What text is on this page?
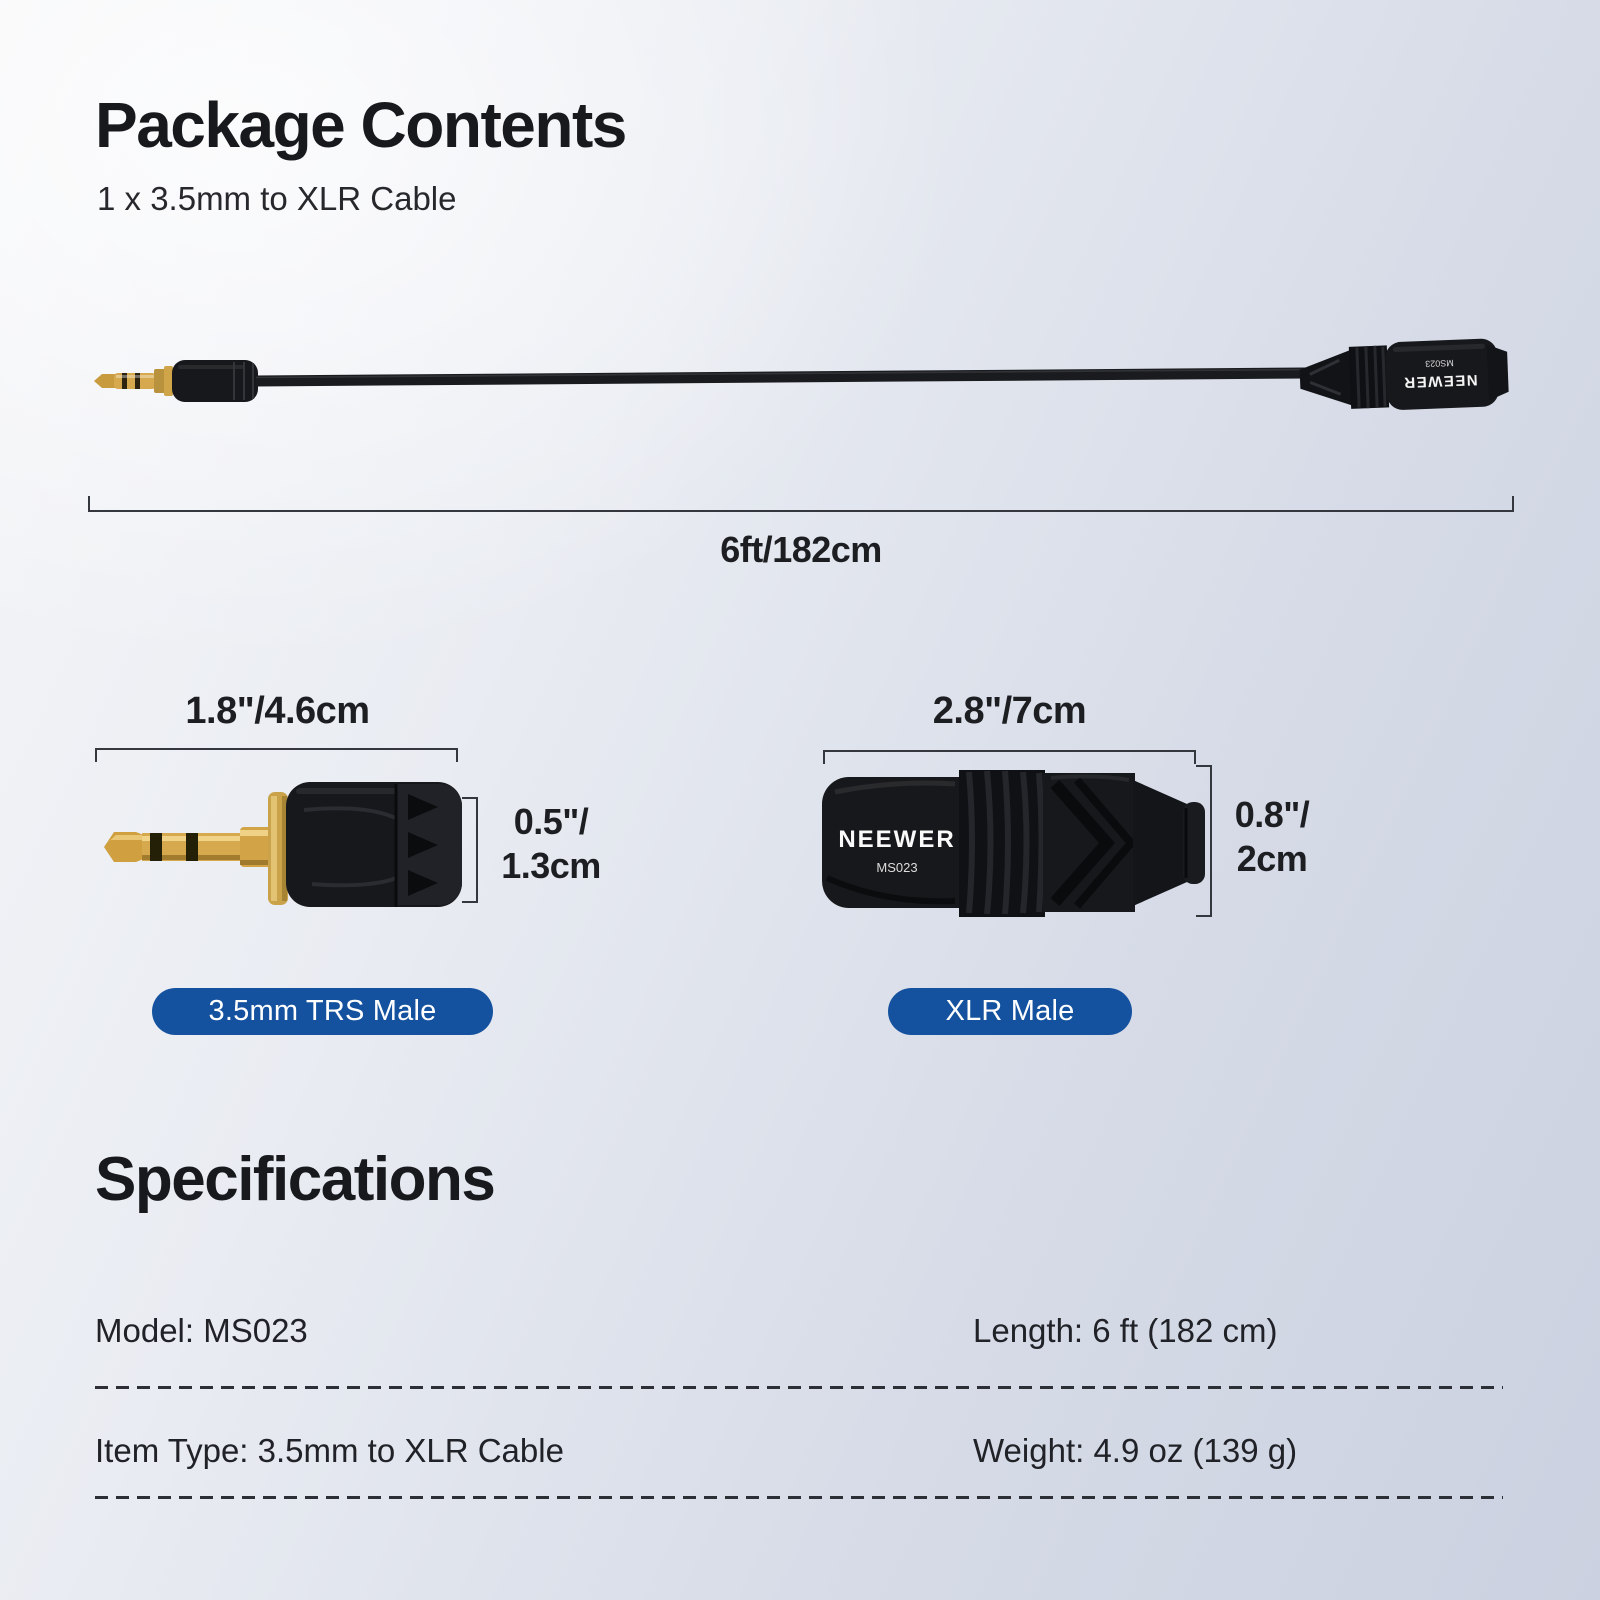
Package Contents
1 x 3.5mm to XLR Cable
NEEWER
MS023
6ft/182cm
1.8"/4.6cm
0.5"/
1.3cm
3.5mm TRS Male
2.8"/7cm
NEEWER
MS023
0.8"/
2cm
XLR Male
Specifications
Model: MS023	Length: 6 ft (182 cm)
Item Type: 3.5mm to XLR Cable	Weight: 4.9 oz (139 g)
